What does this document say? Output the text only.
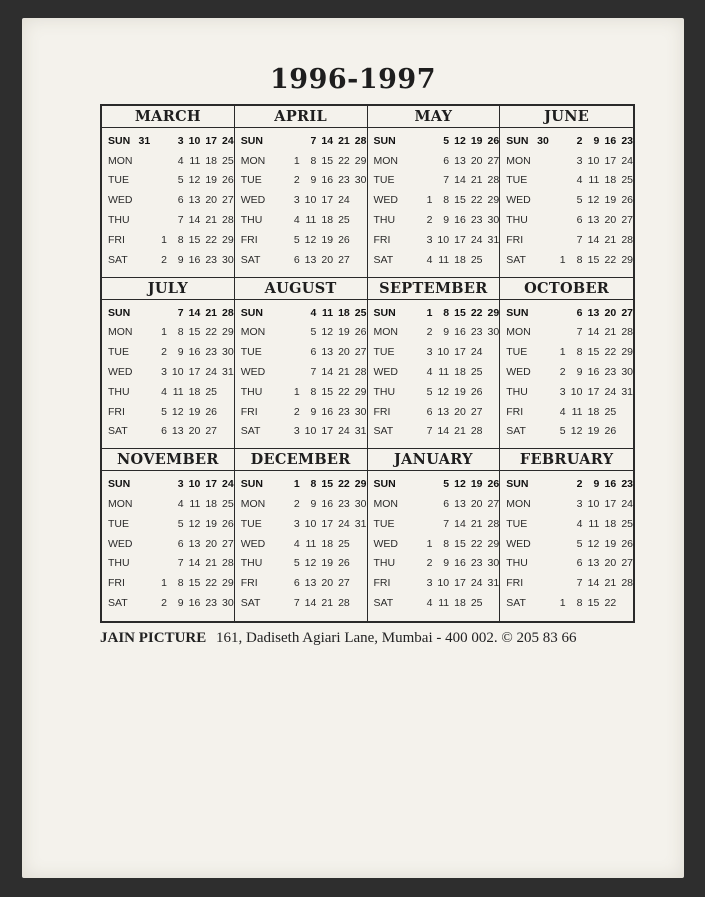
1996-1997
MARCH
SUN 31	3 10 17 24
MON	4 11 18 25
TUE	5 12 19 26
WED	6 13 20 27
THU	7 14 21 28
FRI	1	8 15 22 29
SAT	2	9 16 23 30
APRIL
SUN	7 14 21 28
MON	1	8 15 22 29
TUE	2	9 16 23 30
WED	3 10 17 24
THU	4 11 18 25
FRI	5 12 19 26
SAT	6 13 20 27
MAY
SUN	5 12 19 26
MON	6 13 20 27
TUE	7 14 21 28
WED	1	8 15 22 29
THU	2	9 16 23 30
FRI	3 10 17 24 31
SAT	4 11 18 25
JUNE
SUN 30	2	9 16 23
MON	3 10 17 24
TUE	4 11 18 25
WED	5 12 19 26
THU	6 13 20 27
FRI	7 14 21 28
SAT	1	8 15 22 29
JULY
SUN	7 14 21 28
MON	1	8 15 22 29
TUE	2	9 16 23 30
WED	3 10 17 24 31
THU	4 11 18 25
FRI	5 12 19 26
SAT	6 13 20 27
AUGUST
SUN	4 11 18 25
MON	5 12 19 26
TUE	6 13 20 27
WED	7 14 21 28
THU	1	8 15 22 29
FRI	2	9 16 23 30
SAT	3 10 17 24 31
SEPTEMBER
SUN	1	8 15 22 29
MON	2	9 16 23 30
TUE	3 10 17 24
WED	4 11 18 25
THU	5 12 19 26
FRI	6 13 20 27
SAT	7 14 21 28
OCTOBER
SUN	6 13 20 27
MON	7 14 21 28
TUE	1	8 15 22 29
WED	2	9 16 23 30
THU	3 10 17 24 31
FRI	4 11 18 25
SAT	5 12 19 26
NOVEMBER
SUN	3 10 17 24
MON	4 11 18 25
TUE	5 12 19 26
WED	6 13 20 27
THU	7 14 21 28
FRI	1	8 15 22 29
SAT	2	9 16 23 30
DECEMBER
SUN	1	8 15 22 29
MON	2	9 16 23 30
TUE	3 10 17 24 31
WED	4 11 18 25
THU	5 12 19 26
FRI	6 13 20 27
SAT	7 14 21 28
JANUARY
SUN	5 12 19 26
MON	6 13 20 27
TUE	7 14 21 28
WED	1	8 15 22 29
THU	2	9 16 23 30
FRI	3 10 17 24 31
SAT	4 11 18 25
FEBRUARY
SUN	2	9 16 23
MON	3 10 17 24
TUE	4 11 18 25
WED	5 12 19 26
THU	6 13 20 27
FRI	7 14 21 28
SAT	1	8 15 22
JAIN PICTURE 161, Dadiseth Agiari Lane, Mumbai - 400 002. © 205 83 66
